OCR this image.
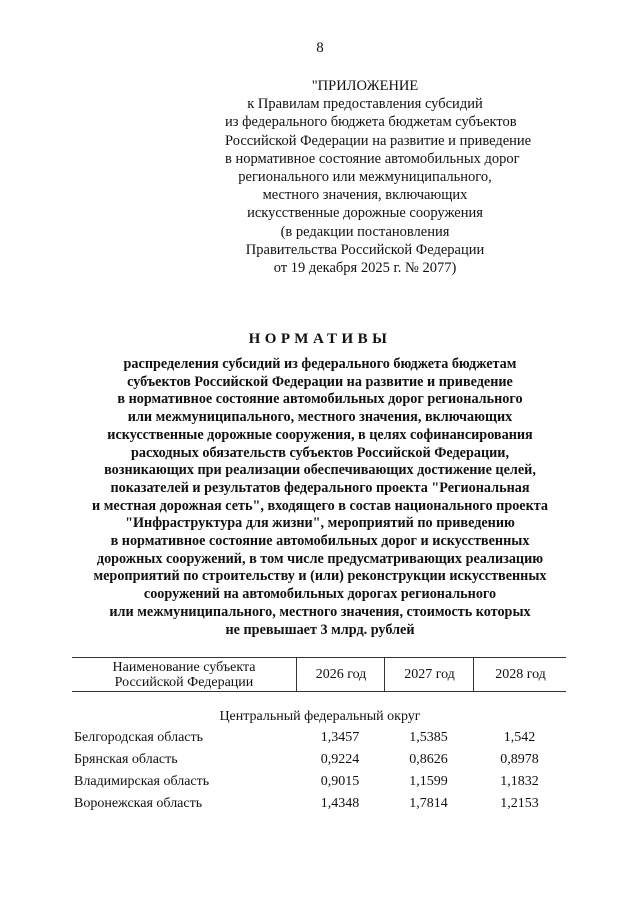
8
"ПРИЛОЖЕНИЕ
к Правилам предоставления субсидий
из федерального бюджета бюджетам субъектов
Российской Федерации на развитие и приведение
в нормативное состояние автомобильных дорог
регионального или межмуниципального,
местного значения, включающих
искусственные дорожные сооружения
(в редакции постановления
Правительства Российской Федерации
от 19 декабря 2025 г. № 2077)
НОРМАТИВЫ
распределения субсидий из федерального бюджета бюджетам
субъектов Российской Федерации на развитие и приведение
в нормативное состояние автомобильных дорог регионального
или межмуниципального, местного значения, включающих
искусственные дорожные сооружения, в целях софинансирования
расходных обязательств субъектов Российской Федерации,
возникающих при реализации обеспечивающих достижение целей,
показателей и результатов федерального проекта "Региональная
и местная дорожная сеть", входящего в состав национального проекта
"Инфраструктура для жизни", мероприятий по приведению
в нормативное состояние автомобильных дорог и искусственных
дорожных сооружений, в том числе предусматривающих реализацию
мероприятий по строительству и (или) реконструкции искусственных
сооружений на автомобильных дорогах регионального
или межмуниципального, местного значения, стоимость которых
не превышает 3 млрд. рублей
Наименование субъекта
Российской Федерации	2026 год	2027 год	2028 год
Центральный федеральный округ
Белгородская область	1,3457	1,5385	1,542
Брянская область	0,9224	0,8626	0,8978
Владимирская область	0,9015	1,1599	1,1832
Воронежская область	1,4348	1,7814	1,2153
